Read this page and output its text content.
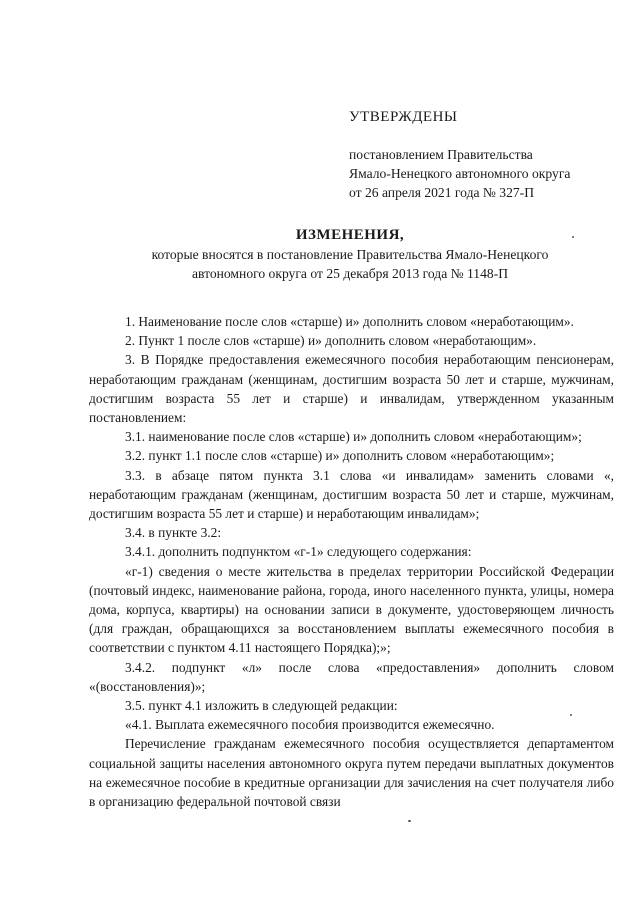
УТВЕРЖДЕНЫ
постановлением Правительства
Ямало-Ненецкого автономного округа
от 26 апреля 2021 года № 327-П
ИЗМЕНЕНИЯ,
которые вносятся в постановление Правительства Ямало-Ненецкого
автономного округа от 25 декабря 2013 года № 1148-П

1. Наименование после слов «старше) и» дополнить словом «неработающим».

2. Пункт 1 после слов «старше) и» дополнить словом «неработающим».

3. В Порядке предоставления ежемесячного пособия неработающим пенсионерам, неработающим гражданам (женщинам, достигшим возраста 50 лет и старше, мужчинам, достигшим возраста 55 лет и старше) и инвалидам, утвержденном указанным постановлением:

3.1. наименование после слов «старше) и» дополнить словом «неработающим»;

3.2. пункт 1.1 после слов «старше) и» дополнить словом «неработающим»;

3.3. в абзаце пятом пункта 3.1 слова «и инвалидам» заменить словами «, неработающим гражданам (женщинам, достигшим возраста 50 лет и старше, мужчинам, достигшим возраста 55 лет и старше) и неработающим инвалидам»;

3.4. в пункте 3.2:

3.4.1. дополнить подпунктом «г-1» следующего содержания:

«г-1) сведения о месте жительства в пределах территории Российской Федерации (почтовый индекс, наименование района, города, иного населенного пункта, улицы, номера дома, корпуса, квартиры) на основании записи в документе, удостоверяющем личность (для граждан, обращающихся за восстановлением выплаты ежемесячного пособия в соответствии с пунктом 4.11 настоящего Порядка);»;

3.4.2. подпункт «л» после слова «предоставления» дополнить словом «(восстановления)»;

3.5. пункт 4.1 изложить в следующей редакции:

«4.1. Выплата ежемесячного пособия производится ежемесячно.

Перечисление гражданам ежемесячного пособия осуществляется департаментом социальной защиты населения автономного округа путем передачи выплатных документов на ежемесячное пособие в кредитные организации для зачисления на счет получателя либо в организацию федеральной почтовой связи
